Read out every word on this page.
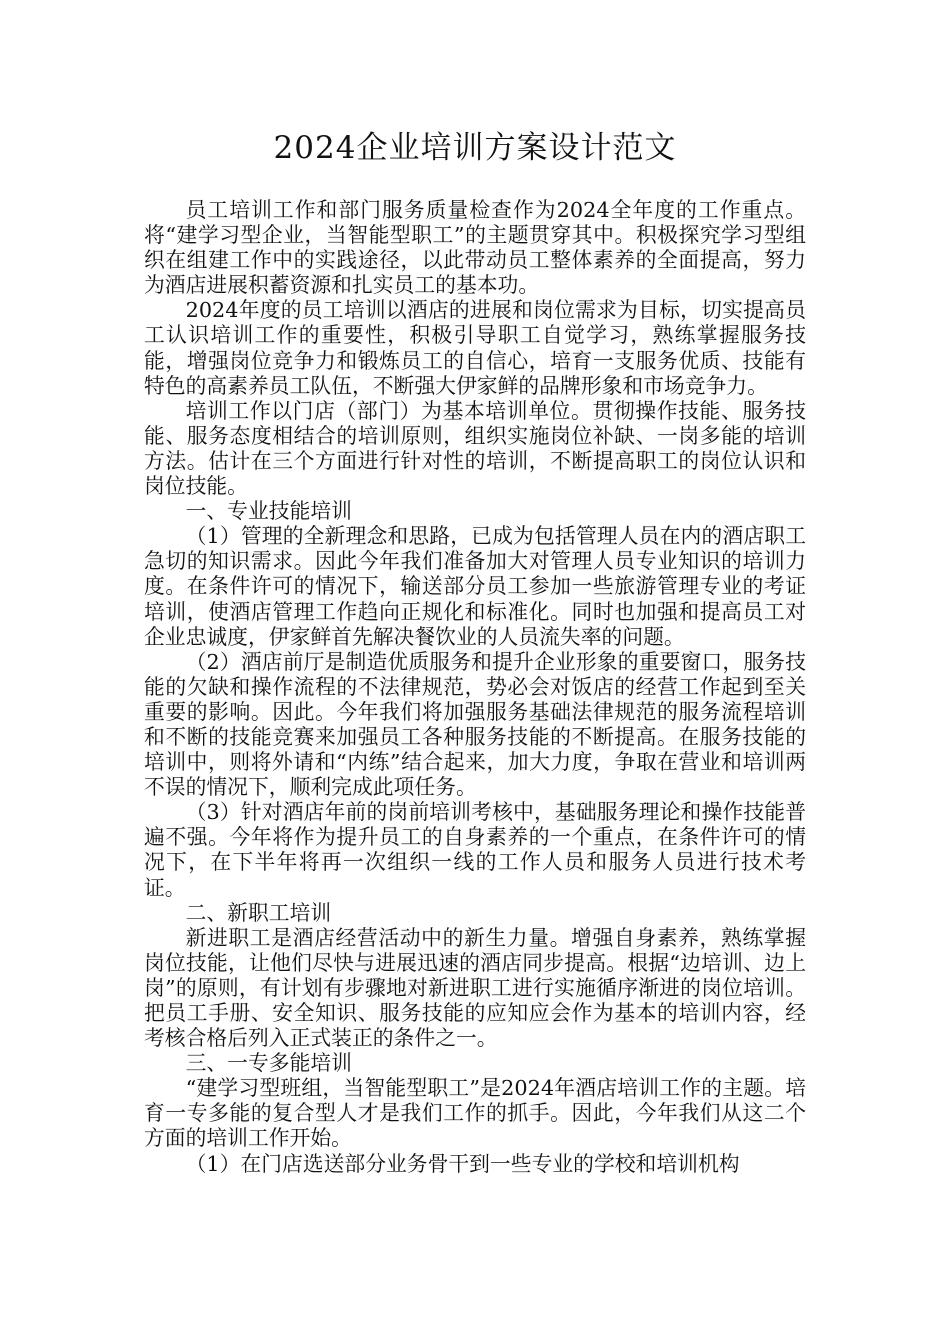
2024企业培训方案设计范文

员工培训工作和部门服务质量检查作为2024全年度的工作重点。将“建学习型企业，当智能型职工”的主题贯穿其中。积极探究学习型组织在组建工作中的实践途径，以此带动员工整体素养的全面提高，努力为酒店进展积蓄资源和扎实员工的基本功。

2024年度的员工培训以酒店的进展和岗位需求为目标，切实提高员工认识培训工作的重要性，积极引导职工自觉学习，熟练掌握服务技能，增强岗位竞争力和锻炼员工的自信心，培育一支服务优质、技能有特色的高素养员工队伍，不断强大伊家鲜的品牌形象和市场竞争力。

培训工作以门店（部门）为基本培训单位。贯彻操作技能、服务技能、服务态度相结合的培训原则，组织实施岗位补缺、一岗多能的培训方法。估计在三个方面进行针对性的培训，不断提高职工的岗位认识和岗位技能。

一、专业技能培训

（1）管理的全新理念和思路，已成为包括管理人员在内的酒店职工急切的知识需求。因此今年我们准备加大对管理人员专业知识的培训力度。在条件许可的情况下，输送部分员工参加一些旅游管理专业的考证培训，使酒店管理工作趋向正规化和标准化。同时也加强和提高员工对企业忠诚度，伊家鲜首先解决餐饮业的人员流失率的问题。

（2）酒店前厅是制造优质服务和提升企业形象的重要窗口，服务技能的欠缺和操作流程的不法律规范，势必会对饭店的经营工作起到至关重要的影响。因此。今年我们将加强服务基础法律规范的服务流程培训和不断的技能竞赛来加强员工各种服务技能的不断提高。在服务技能的培训中，则将外请和“内练”结合起来，加大力度，争取在营业和培训两不误的情况下，顺利完成此项任务。

（3）针对酒店年前的岗前培训考核中，基础服务理论和操作技能普遍不强。今年将作为提升员工的自身素养的一个重点，在条件许可的情况下，在下半年将再一次组织一线的工作人员和服务人员进行技术考证。

二、新职工培训

新进职工是酒店经营活动中的新生力量。增强自身素养，熟练掌握岗位技能，让他们尽快与进展迅速的酒店同步提高。根据“边培训、边上岗”的原则，有计划有步骤地对新进职工进行实施循序渐进的岗位培训。把员工手册、安全知识、服务技能的应知应会作为基本的培训内容，经考核合格后列入正式装正的条件之一。

三、一专多能培训

“建学习型班组，当智能型职工”是2024年酒店培训工作的主题。培育一专多能的复合型人才是我们工作的抓手。因此，今年我们从这二个方面的培训工作开始。

（1）在门店选送部分业务骨干到一些专业的学校和培训机构
